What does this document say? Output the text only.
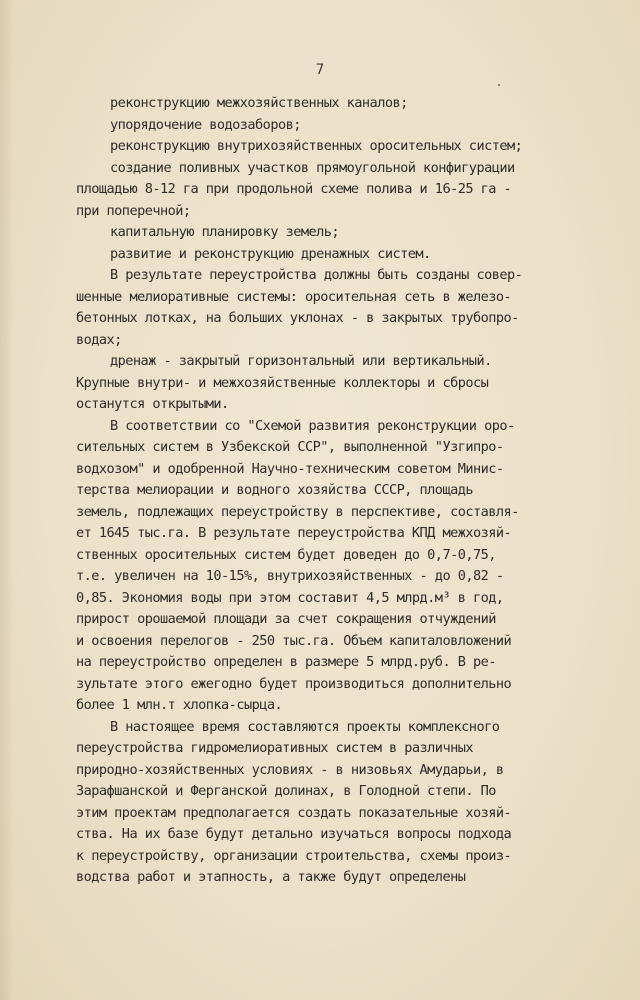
7
реконструкцию межхозяйственных каналов;
упорядочение водозаборов;
реконструкцию внутрихозяйственных оросительных систем;
создание поливных участков прямоугольной конфигурации
площадью 8-12 га при продольной схеме полива и 16-25 га -
при поперечной;
капитальную планировку земель;
развитие и реконструкцию дренажных систем.
В результате переустройства должны быть созданы совер-
шенные мелиоративные системы: оросительная сеть в железо-
бетонных лотках, на больших уклонах - в закрытых трубопро-
водах;
дренаж - закрытый горизонтальный или вертикальный.
Крупные внутри- и межхозяйственные коллекторы и сбросы
останутся открытыми.
В соответствии со "Схемой развития реконструкции оро-
сительных систем в Узбекской ССР", выполненной "Узгипро-
водхозом" и одобренной Научно-техническим советом Минис-
терства мелиорации и водного хозяйства СССР, площадь
земель, подлежащих переустройству в перспективе, составля-
ет 1645 тыс.га. В результате переустройства КПД межхозяй-
ственных оросительных систем будет доведен до 0,7-0,75,
т.е. увеличен на 10-15%, внутрихозяйственных - до 0,82 -
0,85. Экономия воды при этом составит 4,5 млрд.м³ в год,
прирост орошаемой площади за счет сокращения отчуждений
и освоения перелогов - 250 тыс.га. Объем капиталовложений
на переустройство определен в размере 5 млрд.руб. В ре-
зультате этого ежегодно будет производиться дополнительно
более 1 млн.т хлопка-сырца.
В настоящее время составляются проекты комплексного
переустройства гидромелиоративных систем в различных
природно-хозяйственных условиях - в низовьях Амударьи, в
Зарафшанской и Ферганской долинах, в Голодной степи. По
этим проектам предполагается создать показательные хозяй-
ства. На их базе будут детально изучаться вопросы подхода
к переустройству, организации строительства, схемы произ-
водства работ и этапность, а также будут определены
